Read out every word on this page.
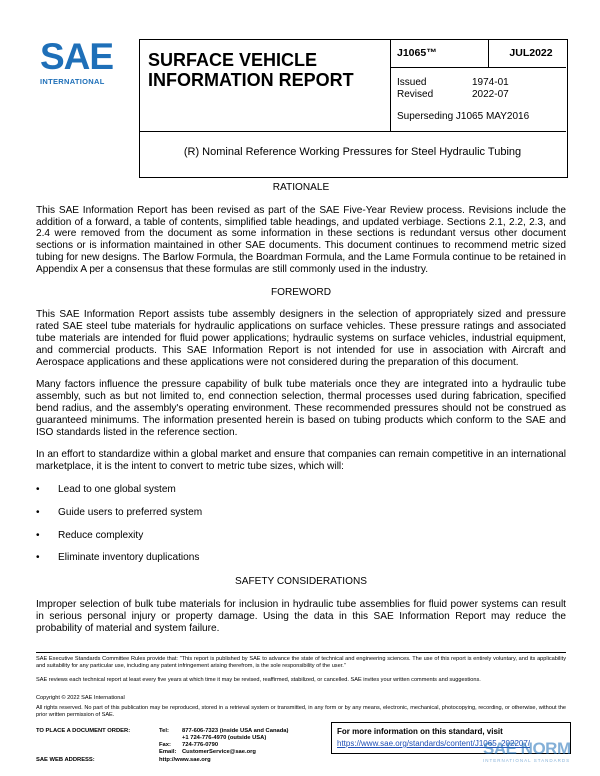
SAE
INTERNATIONAL
SURFACE VEHICLE INFORMATION REPORT
J1065™	JUL2022
Issued	1974-01
Revised	2022-07
Superseding J1065 MAY2016
(R) Nominal Reference Working Pressures for Steel Hydraulic Tubing
RATIONALE

This SAE Information Report has been revised as part of the SAE Five-Year Review process. Revisions include the addition of a forward, a table of contents, simplified table headings, and updated verbiage. Sections 2.1, 2.2, 2.3, and 2.4 were removed from the document as some information in these sections is redundant versus other document sections or is information maintained in other SAE documents. This document continues to recommend metric sized tubing for new designs. The Barlow Formula, the Boardman Formula, and the Lame Formula continue to be retained in Appendix A per a consensus that these formulas are still commonly used in the industry.

FOREWORD

This SAE Information Report assists tube assembly designers in the selection of appropriately sized and pressure rated SAE steel tube materials for hydraulic applications on surface vehicles. These pressure ratings and associated tube materials are intended for fluid power applications; hydraulic systems on surface vehicles, industrial equipment, and commercial products. This SAE Information Report is not intended for use in association with Aircraft and Aerospace applications and these applications were not considered during the preparation of this document.

Many factors influence the pressure capability of bulk tube materials once they are integrated into a hydraulic tube assembly, such as but not limited to, end connection selection, thermal processes used during fabrication, specified bend radius, and the assembly's operating environment. These recommended pressures should not be construed as guaranteed minimums. The information presented herein is based on tubing products which conform to the SAE and ISO standards listed in the reference section.

In an effort to standardize within a global market and ensure that companies can remain competitive in an international marketplace, it is the intent to convert to metric tube sizes, which will:

• Lead to one global system
• Guide users to preferred system
• Reduce complexity
• Eliminate inventory duplications
SAFETY CONSIDERATIONS

Improper selection of bulk tube materials for inclusion in hydraulic tube assemblies for fluid power systems can result in serious personal injury or property damage. Using the data in this SAE Information Report may reduce the probability of material and system failure.

SAE Executive Standards Committee Rules provide that: “This report is published by SAE to advance the state of technical and engineering sciences. The use of this report is entirely voluntary, and its applicability and suitability for any particular use, including any patent infringement arising therefrom, is the sole responsibility of the user.”
SAE reviews each technical report at least every five years at which time it may be revised, reaffirmed, stabilized, or cancelled. SAE invites your written comments and suggestions.
Copyright © 2022 SAE International
All rights reserved. No part of this publication may be reproduced, stored in a retrieval system or transmitted, in any form or by any means, electronic, mechanical, photocopying, recording, or otherwise, without the prior written permission of SAE.
TO PLACE A DOCUMENT ORDER:	Tel: 877-606-7323 (inside USA and Canada)
+1 724-776-4970 (outside USA)
Fax: 724-776-0790
Email: CustomerService@sae.org
SAE WEB ADDRESS:	http://www.sae.org
For more information on this standard, visit
https://www.sae.org/standards/content/J1065_202207/
SAE NORM
INTERNATIONAL STANDARDS
